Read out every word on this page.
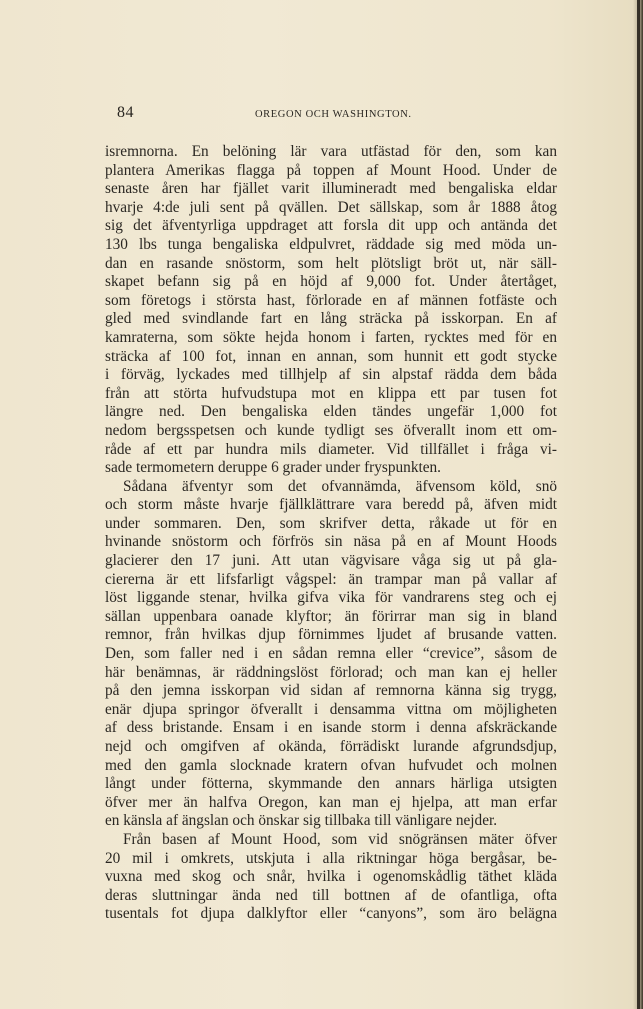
84	OREGON OCH WASHINGTON.
isremnorna. En belöning lär vara utfästad för den, som kan
plantera Amerikas flagga på toppen af Mount Hood. Under de
senaste åren har fjället varit illumineradt med bengaliska eldar
hvarje 4:de juli sent på qvällen. Det sällskap, som år 1888 åtog
sig det äfventyrliga uppdraget att forsla dit upp och antända det
130 lbs tunga bengaliska eldpulvret, räddade sig med möda un-
dan en rasande snöstorm, som helt plötsligt bröt ut, när säll-
skapet befann sig på en höjd af 9,000 fot. Under återtåget,
som företogs i största hast, förlorade en af männen fotfäste och
gled med svindlande fart en lång sträcka på isskorpan. En af
kamraterna, som sökte hejda honom i farten, rycktes med för en
sträcka af 100 fot, innan en annan, som hunnit ett godt stycke
i förväg, lyckades med tillhjelp af sin alpstaf rädda dem båda
från att störta hufvudstupa mot en klippa ett par tusen fot
längre ned. Den bengaliska elden tändes ungefär 1,000 fot
nedom bergsspetsen och kunde tydligt ses öfverallt inom ett om-
råde af ett par hundra mils diameter. Vid tillfället i fråga vi-
sade termometern deruppe 6 grader under fryspunkten.
Sådana äfventyr som det ofvannämda, äfvensom köld, snö
och storm måste hvarje fjällklättrare vara beredd på, äfven midt
under sommaren. Den, som skrifver detta, råkade ut för en
hvinande snöstorm och förfrös sin näsa på en af Mount Hoods
glacierer den 17 juni. Att utan vägvisare våga sig ut på gla-
ciererna är ett lifsfarligt vågspel: än trampar man på vallar af
löst liggande stenar, hvilka gifva vika för vandrarens steg och ej
sällan uppenbara oanade klyftor; än förirrar man sig in bland
remnor, från hvilkas djup förnimmes ljudet af brusande vatten.
Den, som faller ned i en sådan remna eller “crevice”, såsom de
här benämnas, är räddningslöst förlorad; och man kan ej heller
på den jemna isskorpan vid sidan af remnorna känna sig trygg,
enär djupa springor öfverallt i densamma vittna om möjligheten
af dess bristande. Ensam i en isande storm i denna afskräckande
nejd och omgifven af okända, förrädiskt lurande afgrundsdjup,
med den gamla slocknade kratern ofvan hufvudet och molnen
långt under fötterna, skymmande den annars härliga utsigten
öfver mer än halfva Oregon, kan man ej hjelpa, att man erfar
en känsla af ängslan och önskar sig tillbaka till vänligare nejder.
Från basen af Mount Hood, som vid snögränsen mäter öfver
20 mil i omkrets, utskjuta i alla riktningar höga bergåsar, be-
vuxna med skog och snår, hvilka i ogenomskådlig täthet kläda
deras sluttningar ända ned till bottnen af de ofantliga, ofta
tusentals fot djupa dalklyftor eller “canyons”, som äro belägna
